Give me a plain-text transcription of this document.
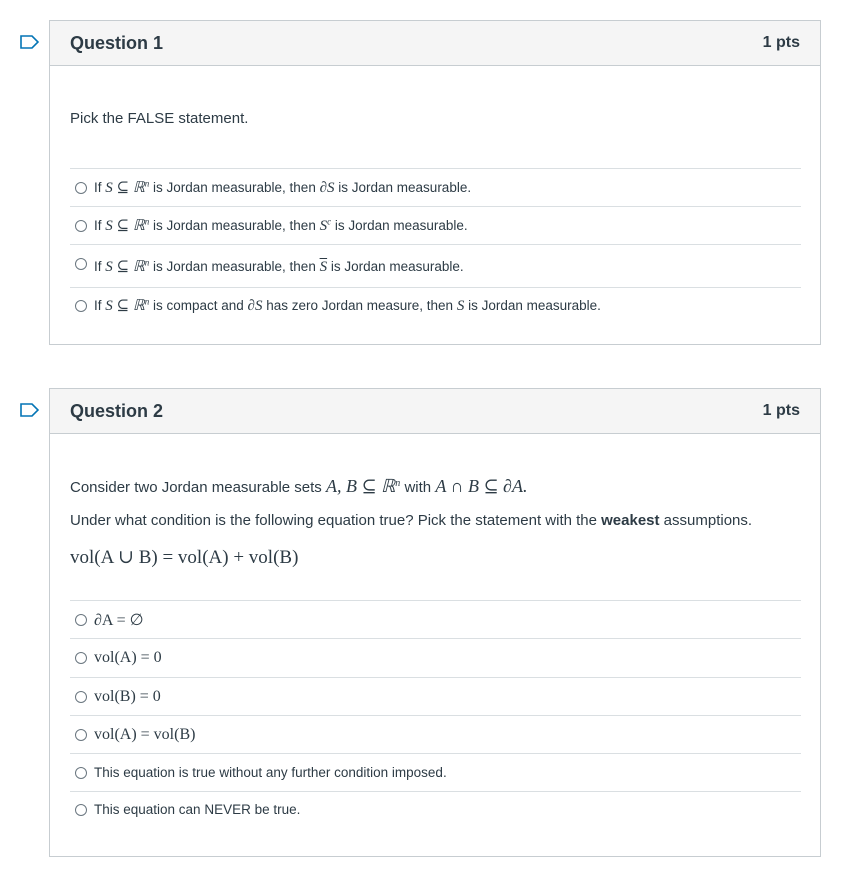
Question 1	1 pts
Pick the FALSE statement.
If S ⊆ ℝ$^n$ is Jordan measurable, then ∂S is Jordan measurable.
If S ⊆ ℝ$^n$ is Jordan measurable, then $S^c$ is Jordan measurable.
If S ⊆ ℝ$^n$ is Jordan measurable, then $\overline{S}$ is Jordan measurable.
If S ⊆ ℝ$^n$ is compact and ∂S has zero Jordan measure, then S is Jordan measurable.
Question 2	1 pts
Consider two Jordan measurable sets A, B ⊆ ℝ$^n$ with A ∩ B ⊆ ∂A.
Under what condition is the following equation true? Pick the statement with the weakest assumptions.
vol(A ∪ B) = vol(A) + vol(B)
∂A = ∅
vol(A) = 0
vol(B) = 0
vol(A) = vol(B)
This equation is true without any further condition imposed.
This equation can NEVER be true.
